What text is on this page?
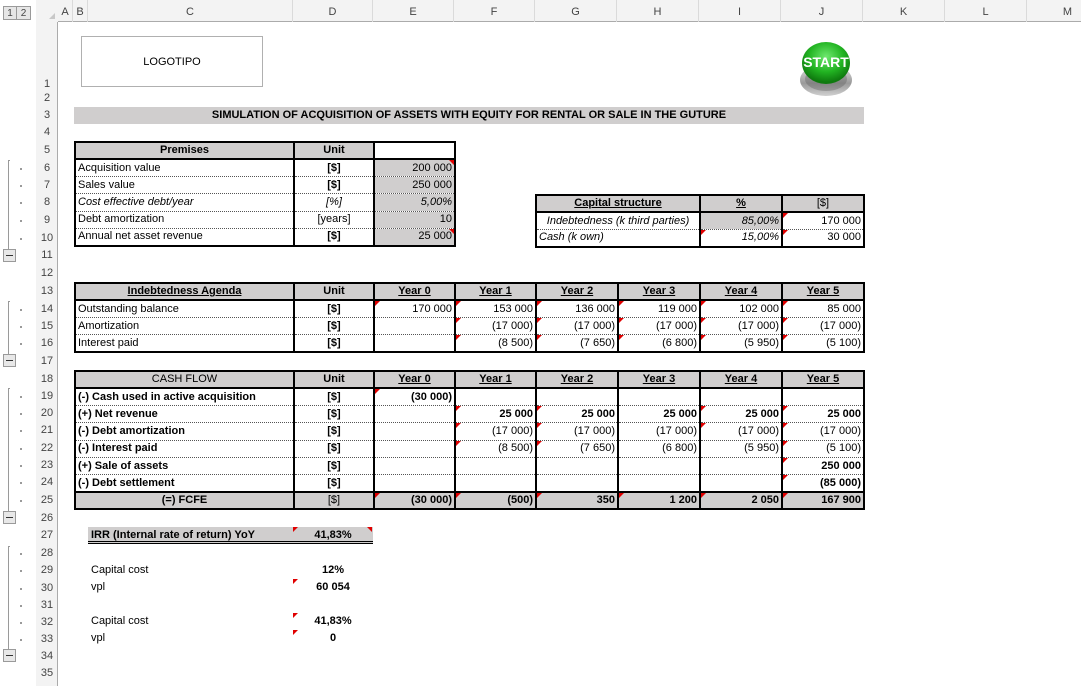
1 2	A B	C	D	E	F	G	H	I	J	K	L	M
1
2
3
4
5
6
7
8
9
10
11
12
13
14
15
16
17
18
19
20
21
22
23
24
25
26
27
28
29
30
31
32
33
34
35
LOGOTIPO	START
SIMULATION OF ACQUISITION OF ASSETS WITH EQUITY FOR RENTAL OR SALE IN THE GUTURE
Premises	Unit	
Acquisition value	[$]	200 000
Sales value	[$]	250 000
Cost effective debt/year	[%]	5,00%
Debt amortization	[years]	10
Annual net asset revenue	[$]	25 000
Capital structure	%	[$]
Indebtedness (k third parties)	85,00%	170 000
Cash (k own)	15,00%	30 000
Indebtedness Agenda	Unit	Year 0	Year 1	Year 2	Year 3	Year 4	Year 5
Outstanding balance	[$]	170 000	153 000	136 000	119 000	102 000	85 000
Amortization	[$]		(17 000)	(17 000)	(17 000)	(17 000)	(17 000)
Interest paid	[$]		(8 500)	(7 650)	(6 800)	(5 950)	(5 100)
CASH FLOW	Unit	Year 0	Year 1	Year 2	Year 3	Year 4	Year 5
(-) Cash used in active acquisition	[$]	(30 000)					
(+) Net revenue	[$]		25 000	25 000	25 000	25 000	25 000
(-) Debt amortization	[$]		(17 000)	(17 000)	(17 000)	(17 000)	(17 000)
(-) Interest paid	[$]		(8 500)	(7 650)	(6 800)	(5 950)	(5 100)
(+) Sale of assets	[$]						250 000
(-) Debt settlement	[$]						(85 000)
(=) FCFE	[$]	(30 000)	(500)	350	1 200	2 050	167 900
IRR (Internal rate of return) YoY	41,83%
Capital cost	12%
vpl	60 054
Capital cost	41,83%
vpl	0
